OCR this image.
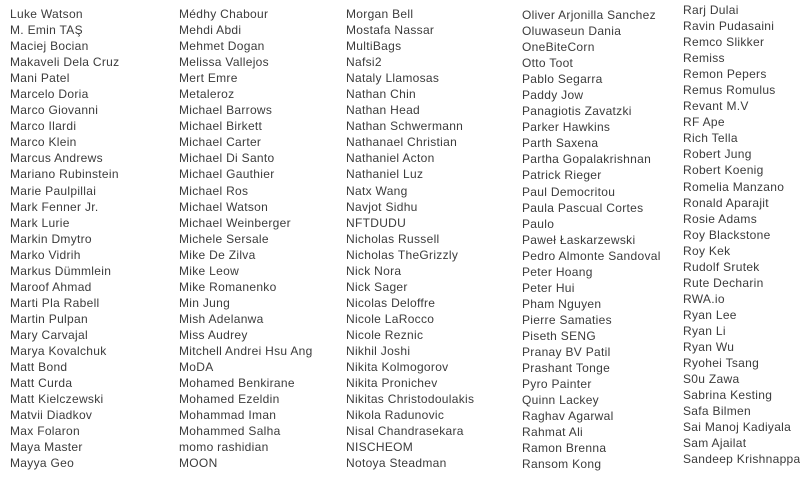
Luke Watson
M. Emin TAŞ
Maciej Bocian
Makaveli Dela Cruz
Mani Patel
Marcelo Doria
Marco Giovanni
Marco Ilardi
Marco Klein
Marcus Andrews
Mariano Rubinstein
Marie Paulpillai
Mark Fenner Jr.
Mark Lurie
Markin Dmytro
Marko Vidrih
Markus Dümmlein
Maroof Ahmad
Marti Pla Rabell
Martin Pulpan
Mary Carvajal
Marya Kovalchuk
Matt Bond
Matt Curda
Matt Kielczewski
Matvii Diadkov
Max Folaron
Maya Master
Mayya Geo
Médhy Chabour
Mehdi Abdi
Mehmet Dogan
Melissa Vallejos
Mert Emre
Metaleroz
Michael Barrows
Michael Birkett
Michael Carter
Michael Di Santo
Michael Gauthier
Michael Ros
Michael Watson
Michael Weinberger
Michele Sersale
Mike De Zilva
Mike Leow
Mike Romanenko
Min Jung
Mish Adelanwa
Miss Audrey
Mitchell Andrei Hsu Ang
MoDA
Mohamed Benkirane
Mohamed Ezeldin
Mohammad Iman
Mohammed Salha
momo rashidian
MOON
Morgan Bell
Mostafa Nassar
MultiBags
Nafsi2
Nataly Llamosas
Nathan Chin
Nathan Head
Nathan Schwermann
Nathanael Christian
Nathaniel Acton
Nathaniel Luz
Natx Wang
Navjot Sidhu
NFTDUDU
Nicholas Russell
Nicholas TheGrizzly
Nick Nora
Nick Sager
Nicolas Deloffre
Nicole LaRocco
Nicole Reznic
Nikhil Joshi
Nikita Kolmogorov
Nikita Pronichev
Nikitas Christodoulakis
Nikola Radunovic
Nisal Chandrasekara
NISCHEOM
Notoya Steadman
Oliver Arjonilla Sanchez
Oluwaseun Dania
OneBiteCorn
Otto Toot
Pablo Segarra
Paddy Jow
Panagiotis Zavatzki
Parker Hawkins
Parth Saxena
Partha Gopalakrishnan
Patrick Rieger
Paul Democritou
Paula Pascual Cortes
Paulo
Paweł Łaskarzewski
Pedro Almonte Sandoval
Peter Hoang
Peter Hui
Pham Nguyen
Pierre Samaties
Piseth SENG
Pranay BV Patil
Prashant Tonge
Pyro Painter
Quinn Lackey
Raghav Agarwal
Rahmat Ali
Ramon Brenna
Ransom Kong
Rarj Dulai
Ravin Pudasaini
Remco Slikker
Remiss
Remon Pepers
Remus Romulus
Revant M.V
RF Ape
Rich Tella
Robert Jung
Robert Koenig
Romelia Manzano
Ronald Aparajit
Rosie Adams
Roy Blackstone
Roy Kek
Rudolf Srutek
Rute Decharin
RWA.io
Ryan Lee
Ryan Li
Ryan Wu
Ryohei Tsang
S0u Zawa
Sabrina Kesting
Safa Bilmen
Sai Manoj Kadiyala
Sam Ajailat
Sandeep Krishnappa
